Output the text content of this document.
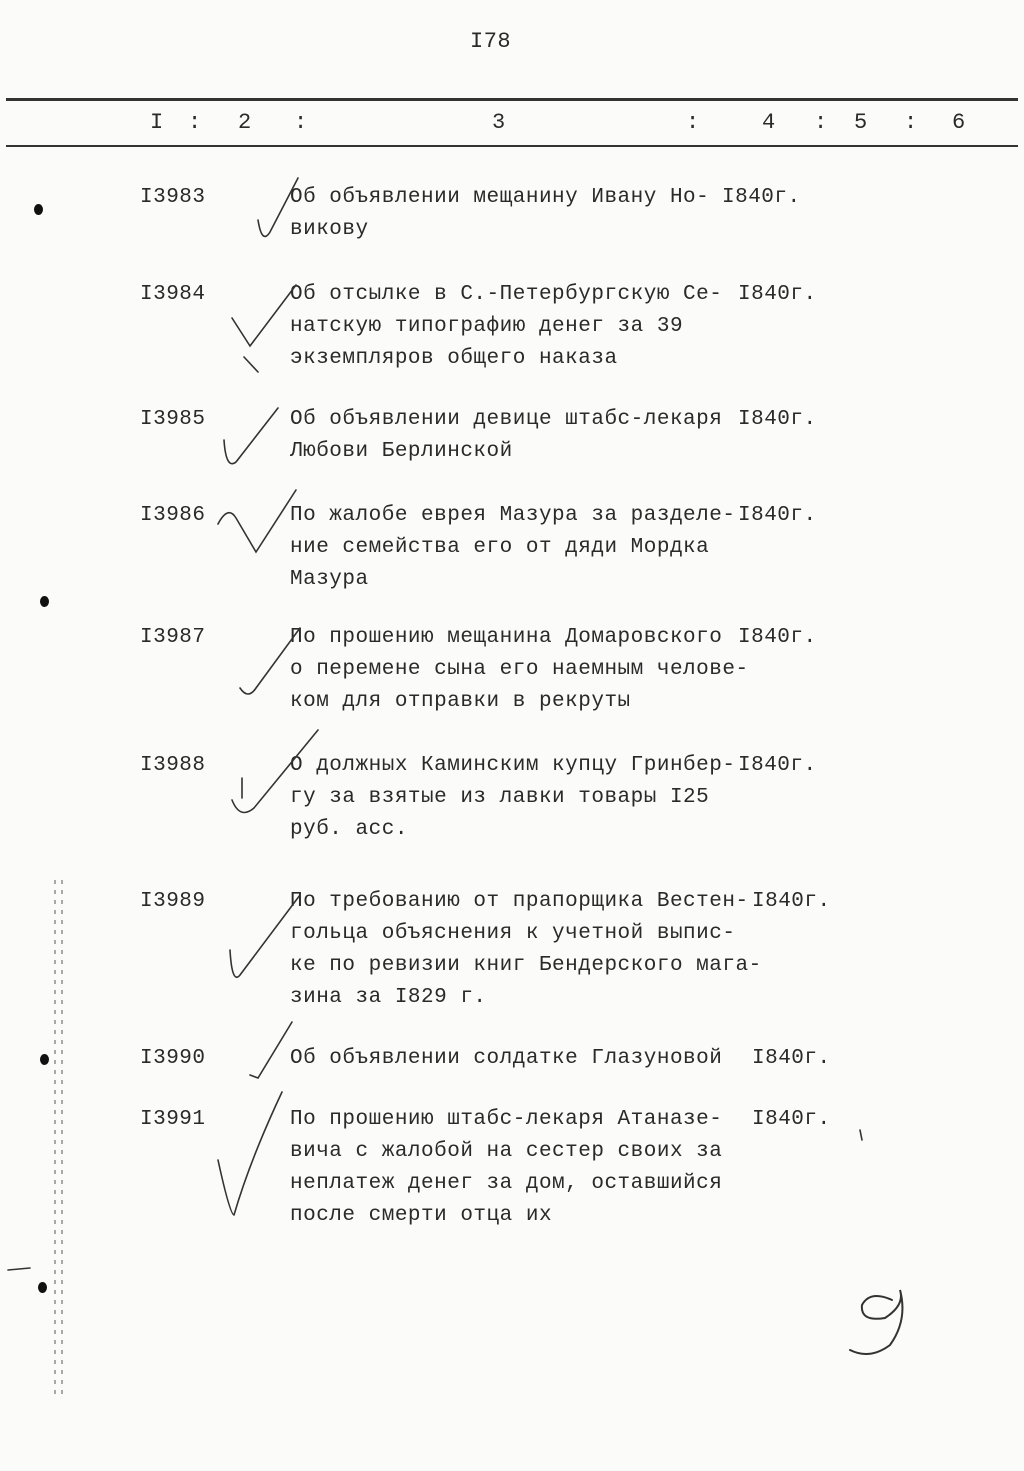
I78
I : 2 :	3	:	4 : 5 : 6
I3983	Об объявлении мещанину Ивану Но-
викову
I840г.
I3984	Об отсылке в С.-Петербургскую Се-
натскую типографию денег за 39
экземпляров общего наказа
I840г.
I3985	Об объявлении девице штабс-лекаря
Любови Берлинской
I840г.
I3986	По жалобе еврея Мазура за разделе-
ние семейства его от дяди Мордка
Мазура
I840г.
I3987	По прошению мещанина Домаровского
о перемене сына его наемным челове-
ком для отправки в рекруты
I840г.
I3988	О должных Каминским купцу Гринбер-
гу за взятые из лавки товары I25
руб. асс.
I840г.
I3989	По требованию от прапорщика Вестен-
гольца объяснения к учетной выпис-
ке по ревизии книг Бендерского мага-
зина за I829 г.
I840г.
I3990	Об объявлении солдатке Глазуновой I840г.
I3991	По прошению штабс-лекаря Атаназе-
вича с жалобой на сестер своих за
неплатеж денег за дом, оставшийся
после смерти отца их
I840г.
